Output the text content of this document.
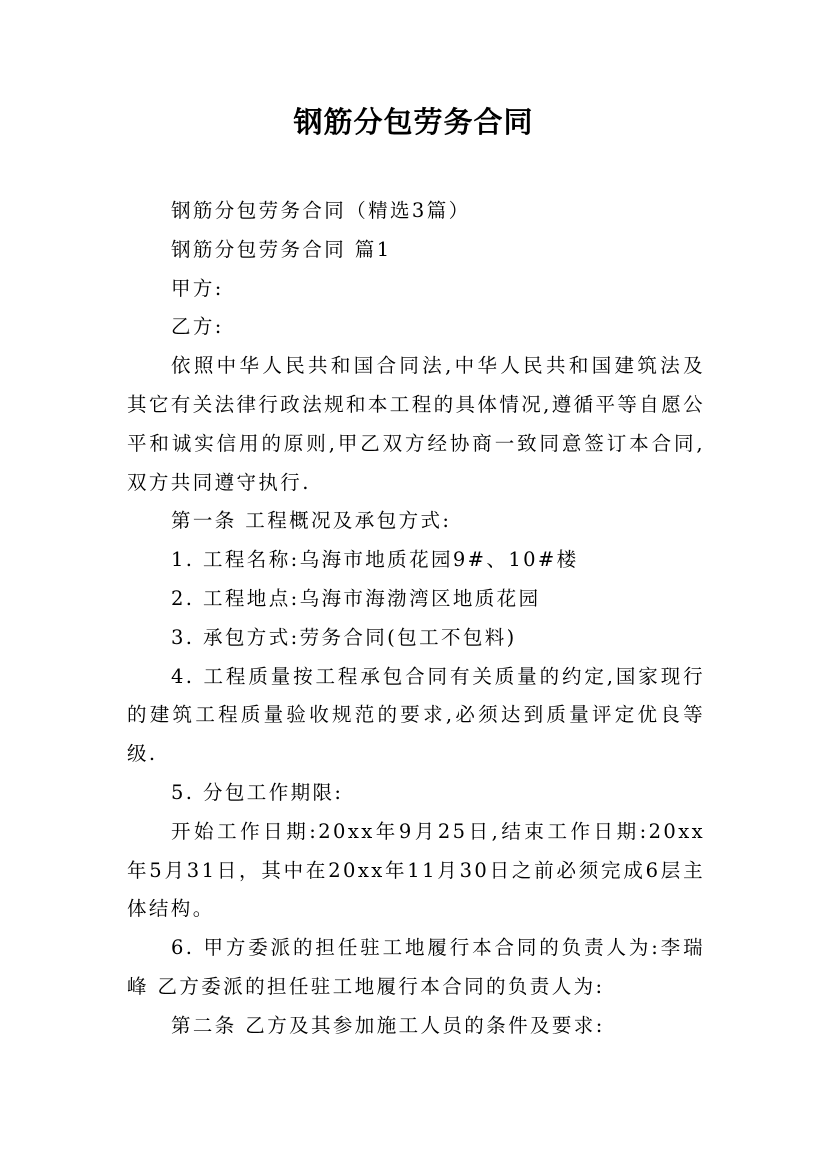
钢筋分包劳务合同

钢筋分包劳务合同（精选3篇）

钢筋分包劳务合同 篇1

甲方:

乙方:

依照中华人民共和国合同法,中华人民共和国建筑法及其它有关法律行政法规和本工程的具体情况,遵循平等自愿公平和诚实信用的原则,甲乙双方经协商一致同意签订本合同,双方共同遵守执行.

第一条 工程概况及承包方式:

1. 工程名称:乌海市地质花园9#、10#楼

2. 工程地点:乌海市海渤湾区地质花园

3. 承包方式:劳务合同(包工不包料)

4. 工程质量按工程承包合同有关质量的约定,国家现行的建筑工程质量验收规范的要求,必须达到质量评定优良等级.

5. 分包工作期限:

开始工作日期:20xx年9月25日,结束工作日期:20xx年5月31日，其中在20xx年11月30日之前必须完成6层主体结构。

6. 甲方委派的担任驻工地履行本合同的负责人为:李瑞峰 乙方委派的担任驻工地履行本合同的负责人为:

第二条 乙方及其参加施工人员的条件及要求:
